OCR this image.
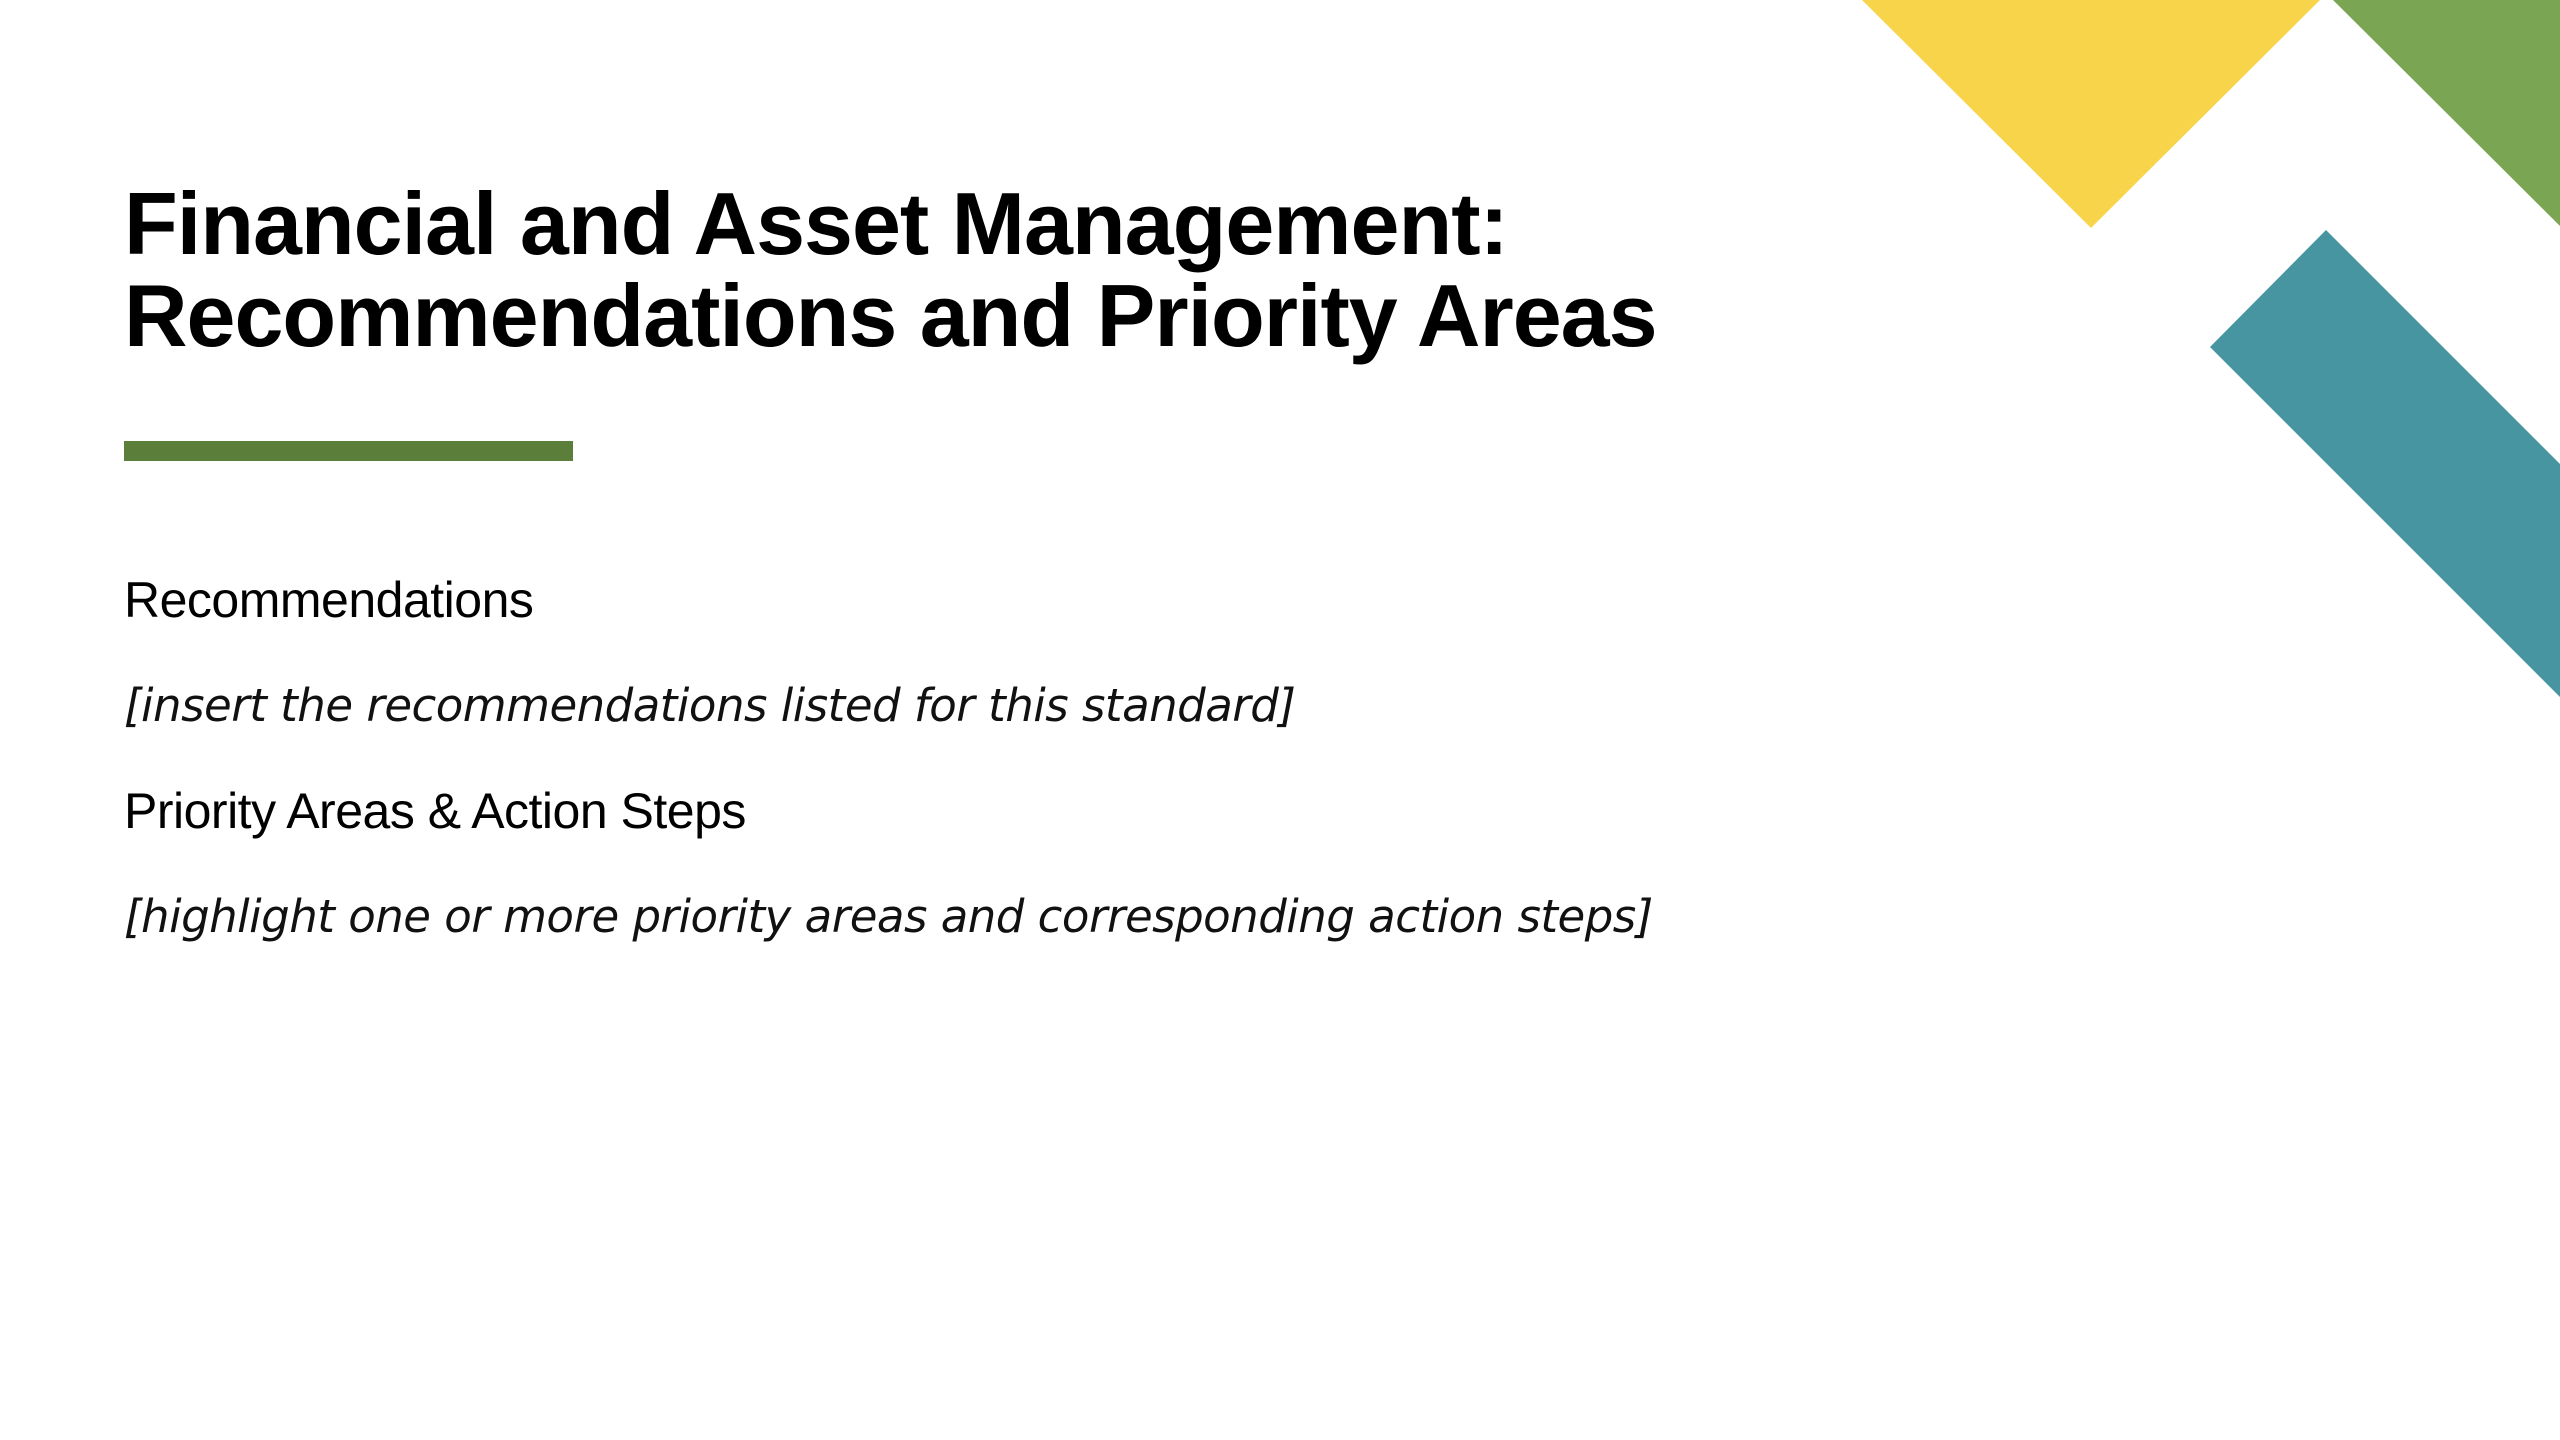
Financial and Asset Management:
Recommendations and Priority Areas
Recommendations

[insert the recommendations listed for this standard]

Priority Areas & Action Steps

[highlight one or more priority areas and corresponding action steps]
